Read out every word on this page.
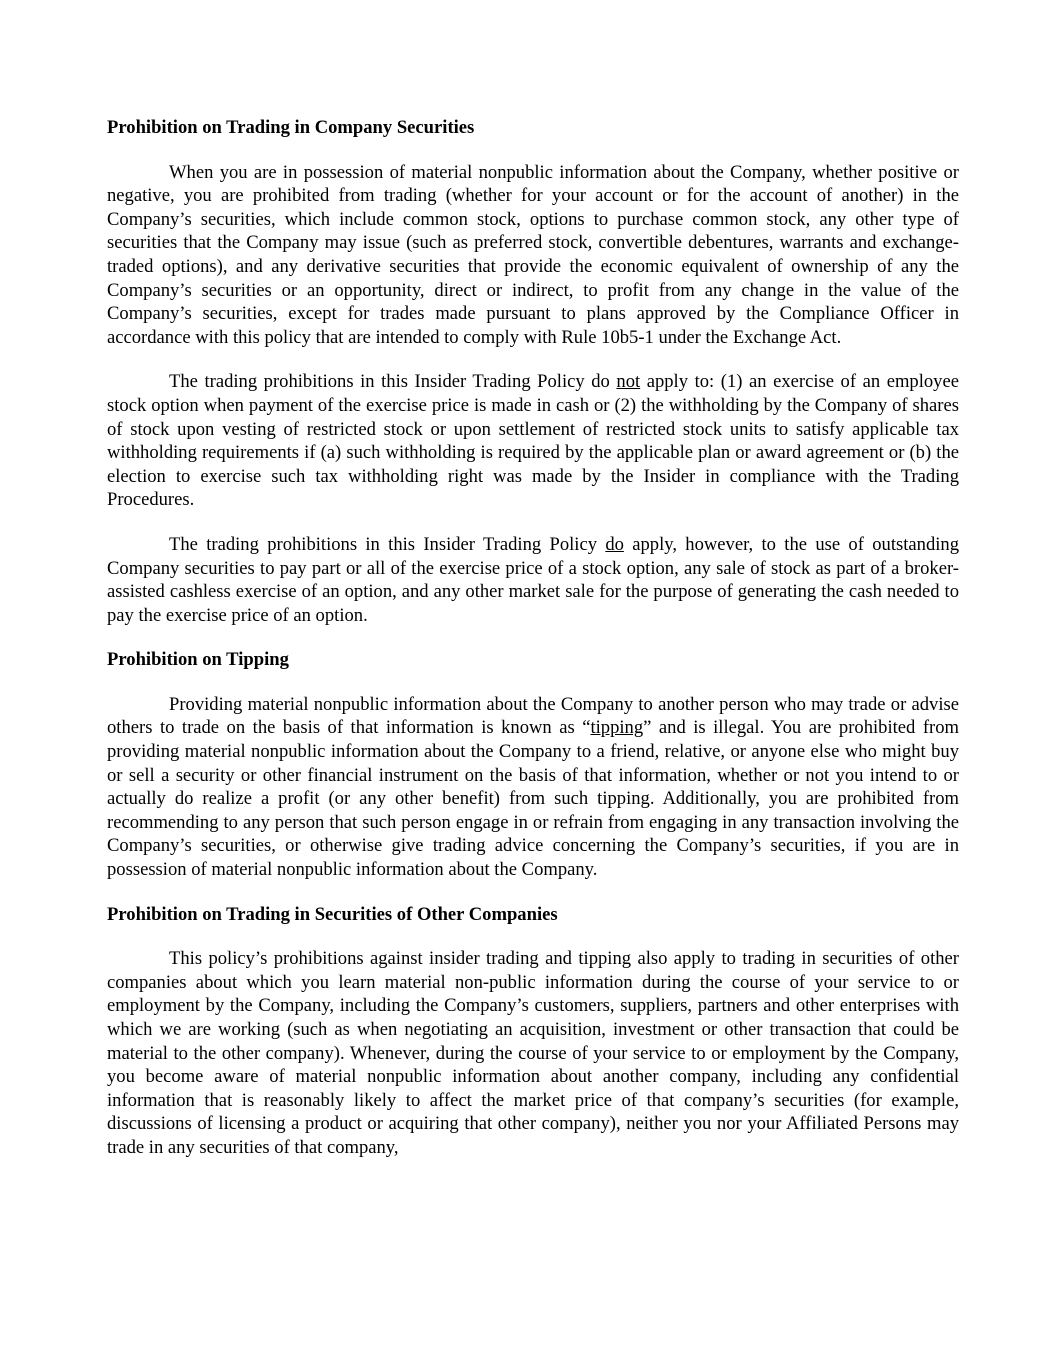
Prohibition on Trading in Company Securities

When you are in possession of material nonpublic information about the Company, whether positive or negative, you are prohibited from trading (whether for your account or for the account of another) in the Company’s securities, which include common stock, options to purchase common stock, any other type of securities that the Company may issue (such as preferred stock, convertible debentures, warrants and exchange-traded options), and any derivative securities that provide the economic equivalent of ownership of any the Company’s securities or an opportunity, direct or indirect, to profit from any change in the value of the Company’s securities, except for trades made pursuant to plans approved by the Compliance Officer in accordance with this policy that are intended to comply with Rule 10b5-1 under the Exchange Act.

The trading prohibitions in this Insider Trading Policy do not apply to: (1) an exercise of an employee stock option when payment of the exercise price is made in cash or (2) the withholding by the Company of shares of stock upon vesting of restricted stock or upon settlement of restricted stock units to satisfy applicable tax withholding requirements if (a) such withholding is required by the applicable plan or award agreement or (b) the election to exercise such tax withholding right was made by the Insider in compliance with the Trading Procedures.

The trading prohibitions in this Insider Trading Policy do apply, however, to the use of outstanding Company securities to pay part or all of the exercise price of a stock option, any sale of stock as part of a broker-assisted cashless exercise of an option, and any other market sale for the purpose of generating the cash needed to pay the exercise price of an option.

Prohibition on Tipping

Providing material nonpublic information about the Company to another person who may trade or advise others to trade on the basis of that information is known as “tipping” and is illegal. You are prohibited from providing material nonpublic information about the Company to a friend, relative, or anyone else who might buy or sell a security or other financial instrument on the basis of that information, whether or not you intend to or actually do realize a profit (or any other benefit) from such tipping. Additionally, you are prohibited from recommending to any person that such person engage in or refrain from engaging in any transaction involving the Company’s securities, or otherwise give trading advice concerning the Company’s securities, if you are in possession of material nonpublic information about the Company.

Prohibition on Trading in Securities of Other Companies

This policy’s prohibitions against insider trading and tipping also apply to trading in securities of other companies about which you learn material non-public information during the course of your service to or employment by the Company, including the Company’s customers, suppliers, partners and other enterprises with which we are working (such as when negotiating an acquisition, investment or other transaction that could be material to the other company). Whenever, during the course of your service to or employment by the Company, you become aware of material nonpublic information about another company, including any confidential information that is reasonably likely to affect the market price of that company’s securities (for example, discussions of licensing a product or acquiring that other company), neither you nor your Affiliated Persons may trade in any securities of that company,
